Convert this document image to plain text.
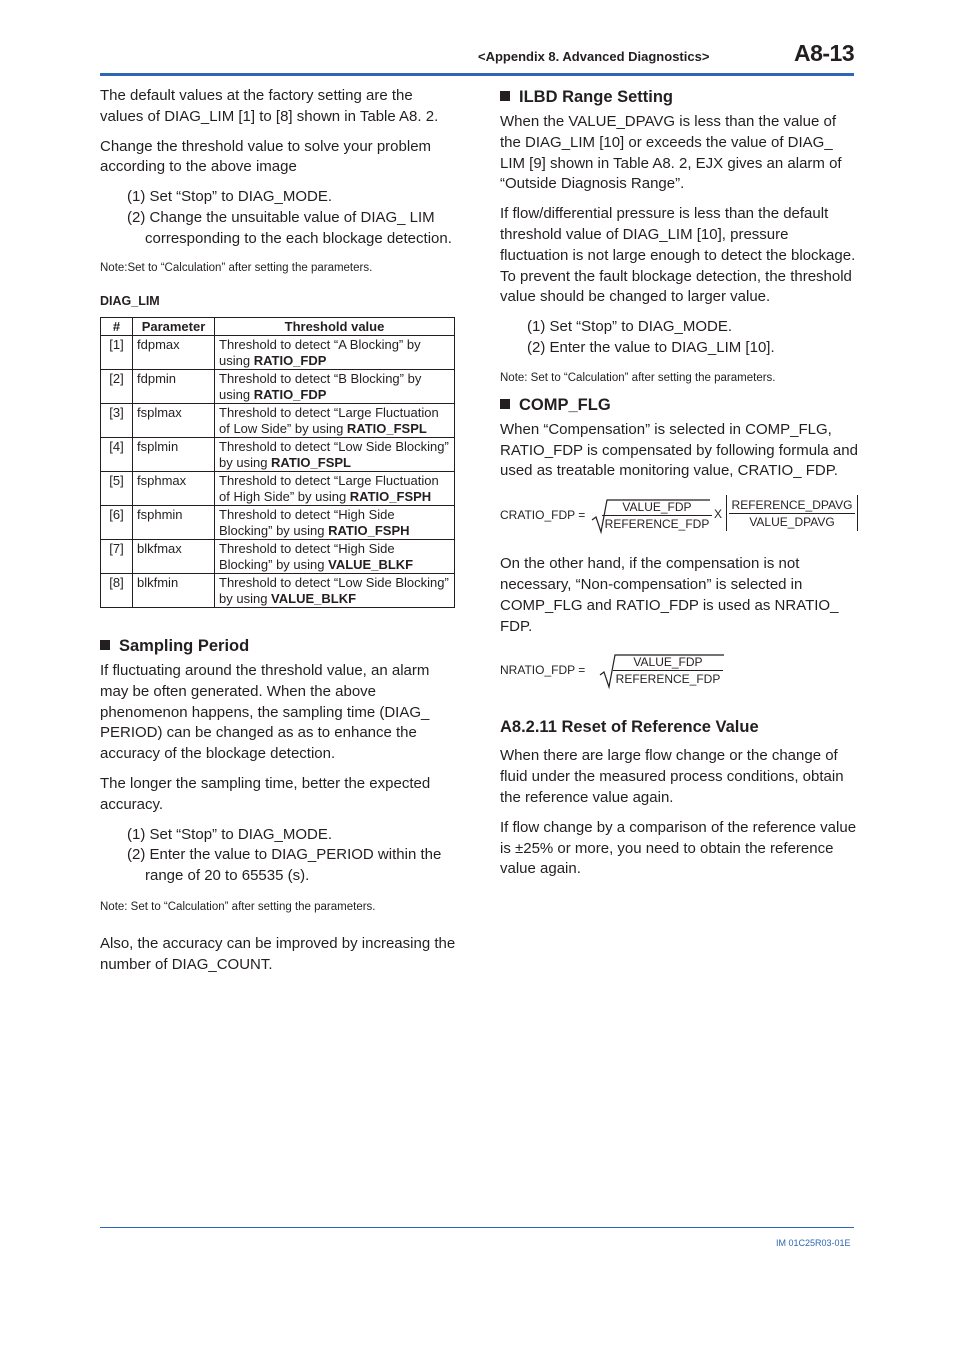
<Appendix 8. Advanced Diagnostics>	A8-13

The default values at the factory setting are the values of DIAG_LIM [1] to [8] shown in Table A8. 2.

Change the threshold value to solve your problem according to the above image

(1) Set “Stop” to DIAG_MODE.
(2) Change the unsuitable value of DIAG_ LIM corresponding to the each blockage detection.

Note:Set to “Calculation” after setting the parameters.

DIAG_LIM
#	Parameter	Threshold value
[1]	fdpmax	Threshold to detect “A Blocking” by using RATIO_FDP
[2]	fdpmin	Threshold to detect “B Blocking” by using RATIO_FDP
[3]	fsplmax	Threshold to detect “Large Fluctuation of Low Side” by using RATIO_FSPL
[4]	fsplmin	Threshold to detect “Low Side Blocking” by using RATIO_FSPL
[5]	fsphmax	Threshold to detect “Large Fluctuation of High Side” by using RATIO_FSPH
[6]	fsphmin	Threshold to detect “High Side Blocking” by using RATIO_FSPH
[7]	blkfmax	Threshold to detect “High Side Blocking” by using VALUE_BLKF
[8]	blkfmin	Threshold to detect “Low Side Blocking” by using VALUE_BLKF
Sampling Period

If fluctuating around the threshold value, an alarm may be often generated. When the above phenomenon happens, the sampling time (DIAG_ PERIOD) can be changed as as to enhance the accuracy of the blockage detection.

The longer the sampling time, better the expected accuracy.

(1) Set “Stop” to DIAG_MODE.
(2) Enter the value to DIAG_PERIOD within the range of 20 to 65535 (s).

Note: Set to “Calculation” after setting the parameters.

Also, the accuracy can be improved by increasing the number of DIAG_COUNT.

ILBD Range Setting

When the VALUE_DPAVG is less than the value of the DIAG_LIM [10] or exceeds the value of DIAG_ LIM [9] shown in Table A8. 2, EJX gives an alarm of “Outside Diagnosis Range”.

If flow/differential pressure is less than the default threshold value of DIAG_LIM [10], pressure fluctuation is not large enough to detect the blockage. To prevent the fault blockage detection, the threshold value should be changed to larger value.

(1) Set “Stop” to DIAG_MODE.
(2) Enter the value to DIAG_LIM [10].

Note: Set to “Calculation” after setting the parameters.

COMP_FLG

When “Compensation” is selected in COMP_FLG, RATIO_FDP is compensated by following formula and used as treatable monitoring value, CRATIO_ FDP.

CRATIO_FDP =
VALUE_FDP
REFERENCE_FDP
X
REFERENCE_DPAVG
VALUE_DPAVG

On the other hand, if the compensation is not necessary, “Non-compensation” is selected in COMP_FLG and RATIO_FDP is used as NRATIO_ FDP.

NRATIO_FDP =
VALUE_FDP
REFERENCE_FDP
A8.2.11 Reset of Reference Value

When there are large flow change or the change of fluid under the measured process conditions, obtain the reference value again.

If flow change by a comparison of the reference value is ±25% or more, you need to obtain the reference value again.

IM 01C25R03-01E
